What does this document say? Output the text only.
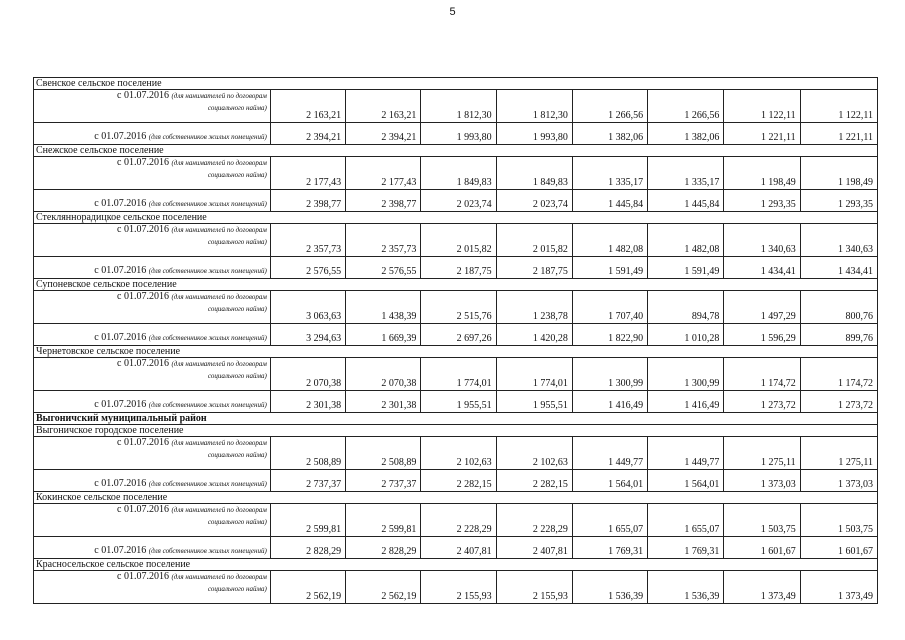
5
Свенское сельское поселение								
с 01.07.2016 (для нанимателей по договорам
социального найма)	2 163,21	2 163,21	1 812,30	1 812,30	1 266,56	1 266,56	1 122,11	1 122,11
с 01.07.2016 (для собственников жилых помещений)	2 394,21	2 394,21	1 993,80	1 993,80	1 382,06	1 382,06	1 221,11	1 221,11
Снежское сельское поселение								
с 01.07.2016 (для нанимателей по договорам
социального найма)	2 177,43	2 177,43	1 849,83	1 849,83	1 335,17	1 335,17	1 198,49	1 198,49
с 01.07.2016 (для собственников жилых помещений)	2 398,77	2 398,77	2 023,74	2 023,74	1 445,84	1 445,84	1 293,35	1 293,35
Стекляннорадицкое сельское поселение								
с 01.07.2016 (для нанимателей по договорам
социального найма)	2 357,73	2 357,73	2 015,82	2 015,82	1 482,08	1 482,08	1 340,63	1 340,63
с 01.07.2016 (для собственников жилых помещений)	2 576,55	2 576,55	2 187,75	2 187,75	1 591,49	1 591,49	1 434,41	1 434,41
Супоневское сельское поселение								
с 01.07.2016 (для нанимателей по договорам
социального найма)	3 063,63	1 438,39	2 515,76	1 238,78	1 707,40	894,78	1 497,29	800,76
с 01.07.2016 (для собственников жилых помещений)	3 294,63	1 669,39	2 697,26	1 420,28	1 822,90	1 010,28	1 596,29	899,76
Чернетовское сельское поселение								
с 01.07.2016 (для нанимателей по договорам
социального найма)	2 070,38	2 070,38	1 774,01	1 774,01	1 300,99	1 300,99	1 174,72	1 174,72
с 01.07.2016 (для собственников жилых помещений)	2 301,38	2 301,38	1 955,51	1 955,51	1 416,49	1 416,49	1 273,72	1 273,72
Выгоничский муниципальный район								
Выгоничское городское поселение								
с 01.07.2016 (для нанимателей по договорам
социального найма)	2 508,89	2 508,89	2 102,63	2 102,63	1 449,77	1 449,77	1 275,11	1 275,11
с 01.07.2016 (для собственников жилых помещений)	2 737,37	2 737,37	2 282,15	2 282,15	1 564,01	1 564,01	1 373,03	1 373,03
Кокинское сельское поселение								
с 01.07.2016 (для нанимателей по договорам
социального найма)	2 599,81	2 599,81	2 228,29	2 228,29	1 655,07	1 655,07	1 503,75	1 503,75
с 01.07.2016 (для собственников жилых помещений)	2 828,29	2 828,29	2 407,81	2 407,81	1 769,31	1 769,31	1 601,67	1 601,67
Красносельское сельское поселение								
с 01.07.2016 (для нанимателей по договорам
социального найма)	2 562,19	2 562,19	2 155,93	2 155,93	1 536,39	1 536,39	1 373,49	1 373,49
